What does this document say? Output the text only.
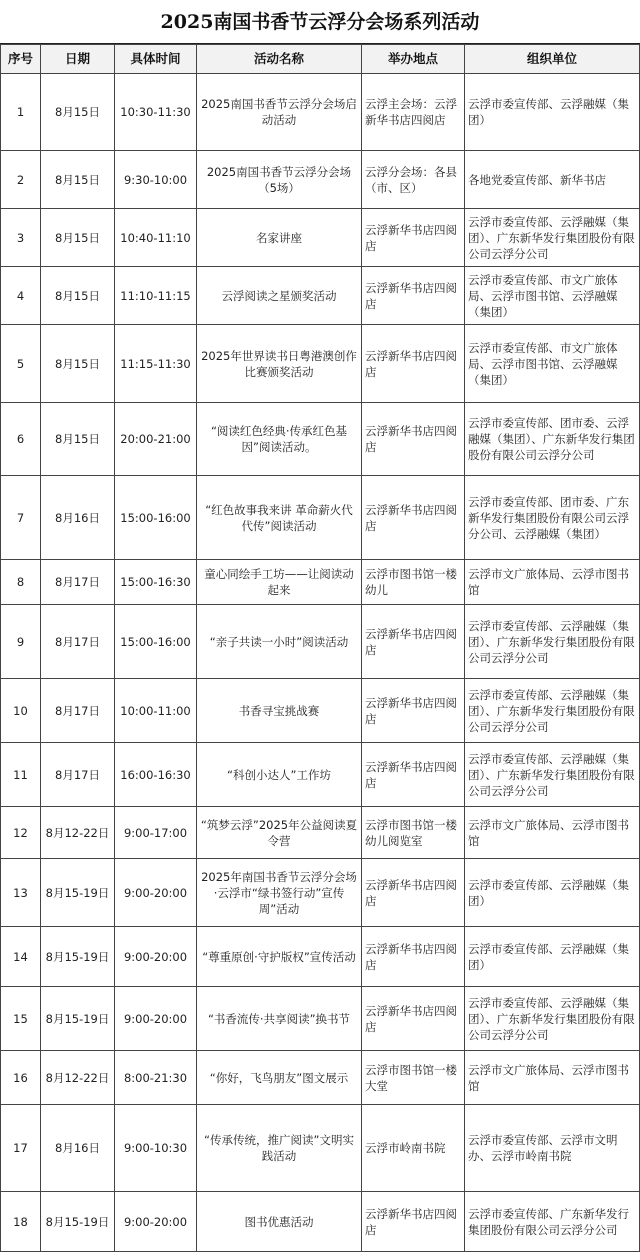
2025南国书香节云浮分会场系列活动
序号	日期	具体时间	活动名称	举办地点	组织单位
1	8月15日	10:30-11:30	2025南国书香节云浮分会场启动活动	云浮主会场：云浮新华书店四阅店	云浮市委宣传部、云浮融媒（集团）
2	8月15日	9:30-10:00	2025南国书香节云浮分会场（5场）	云浮分会场：各县（市、区）	各地党委宣传部、新华书店
3	8月15日	10:40-11:10	名家讲座	云浮新华书店四阅店	云浮市委宣传部、云浮融媒（集团）、广东新华发行集团股份有限公司云浮分公司
4	8月15日	11:10-11:15	云浮阅读之星颁奖活动	云浮新华书店四阅店	云浮市委宣传部、市文广旅体局、云浮市图书馆、云浮融媒（集团）
5	8月15日	11:15-11:30	2025年世界读书日粤港澳创作比赛颁奖活动	云浮新华书店四阅店	云浮市委宣传部、市文广旅体局、云浮市图书馆、云浮融媒（集团）
6	8月15日	20:00-21:00	“阅读红色经典·传承红色基因”阅读活动。	云浮新华书店四阅店	云浮市委宣传部、团市委、云浮融媒（集团）、广东新华发行集团股份有限公司云浮分公司
7	8月16日	15:00-16:00	“红色故事我来讲 革命薪火代代传”阅读活动	云浮新华书店四阅店	云浮市委宣传部、团市委、广东新华发行集团股份有限公司云浮分公司、云浮融媒（集团）
8	8月17日	15:00-16:30	童心同绘手工坊——让阅读动起来	云浮市图书馆一楼幼儿	云浮市文广旅体局、云浮市图书馆
9	8月17日	15:00-16:00	“亲子共读一小时”阅读活动	云浮新华书店四阅店	云浮市委宣传部、云浮融媒（集团）、广东新华发行集团股份有限公司云浮分公司
10	8月17日	10:00-11:00	书香寻宝挑战赛	云浮新华书店四阅店	云浮市委宣传部、云浮融媒（集团）、广东新华发行集团股份有限公司云浮分公司
11	8月17日	16:00-16:30	“科创小达人”工作坊	云浮新华书店四阅店	云浮市委宣传部、云浮融媒（集团）、广东新华发行集团股份有限公司云浮分公司
12	8月12-22日	9:00-17:00	“筑梦云浮”2025年公益阅读夏令营	云浮市图书馆一楼幼儿阅览室	云浮市文广旅体局、云浮市图书馆
13	8月15-19日	9:00-20:00	2025年南国书香节云浮分会场·云浮市“绿书签行动”宣传周”活动	云浮新华书店四阅店	云浮市委宣传部、云浮融媒（集团）
14	8月15-19日	9:00-20:00	“尊重原创·守护版权”宣传活动	云浮新华书店四阅店	云浮市委宣传部、云浮融媒（集团）
15	8月15-19日	9:00-20:00	“书香流传·共享阅读”换书节	云浮新华书店四阅店	云浮市委宣传部、云浮融媒（集团）、广东新华发行集团股份有限公司云浮分公司
16	8月12-22日	8:00-21:30	“你好，飞鸟朋友”图文展示	云浮市图书馆一楼大堂	云浮市文广旅体局、云浮市图书馆
17	8月16日	9:00-10:30	“传承传统，推广阅读”文明实践活动	云浮市岭南书院	云浮市委宣传部、云浮市文明办、云浮市岭南书院
18	8月15-19日	9:00-20:00	图书优惠活动	云浮新华书店四阅店	云浮市委宣传部、广东新华发行集团股份有限公司云浮分公司
